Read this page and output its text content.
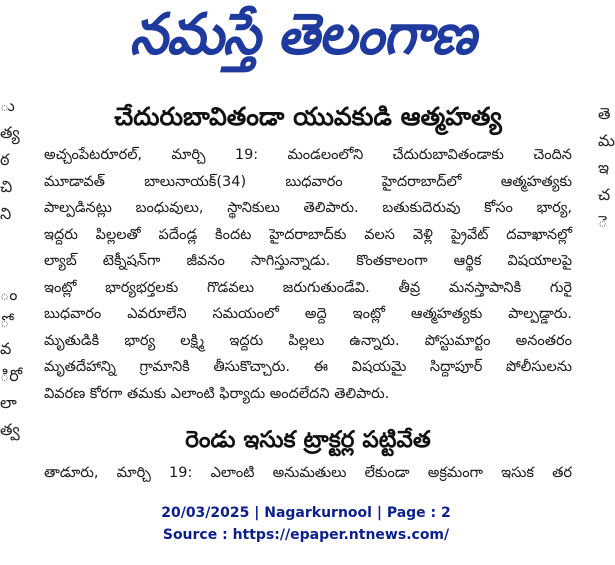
నమస్తే తెలంగాణ
ు
త్య
ఠ
చి
ని

ం
ో
వ
ిరో
లా
త్వ
తె
మ
ఇ
చ
ె
చేదురుబావితండా యువకుడి ఆత్మహత్య
అచ్చంపేటరూరల్, మార్చి 19: మండలంలోని చేదురుబావితండాకు చెందిన
మూడావత్ బాలునాయక్(34) బుధవారం హైదరాబాద్‌లో ఆత్మహత్యకు
పాల్పడినట్లు బంధువులు, స్థానికులు తెలిపారు. బతుకుదెరువు కోసం భార్య,
ఇద్దరు పిల్లలతో పదేండ్ల కిందట హైదరాబాద్‌కు వలస వెళ్లి ప్రైవేట్ దవాఖానల్లో
ల్యాబ్ టెక్నీషన్‌గా జీవనం సాగిస్తున్నాడు. కొంతకాలంగా ఆర్థిక విషయాలపై
ఇంట్లో భార్యభర్తలకు గొడవలు జరుగుతుండేవి. తీవ్ర మనస్తాపానికి గురై
బుధవారం ఎవరూలేని సమయంలో అద్దె ఇంట్లో ఆత్మహత్యకు పాల్పడ్డారు.
మృతుడికి భార్య లక్ష్మి ఇద్దరు పిల్లలు ఉన్నారు. పోస్టుమార్టం అనంతరం
మృతదేహాన్ని గ్రామానికి తీసుకొచ్చారు. ఈ విషయమై సిద్దాపూర్ పోలీసులను
వివరణ కోరగా తమకు ఎలాంటి ఫిర్యాదు అందలేదని తెలిపారు.
రెండు ఇసుక ట్రాక్టర్ల పట్టివేత
తాడూరు, మార్చి 19: ఎలాంటి అనుమతులు లేకుండా అక్రమంగా ఇసుక తర
20/03/2025 | Nagarkurnool | Page : 2
Source : https://epaper.ntnews.com/
